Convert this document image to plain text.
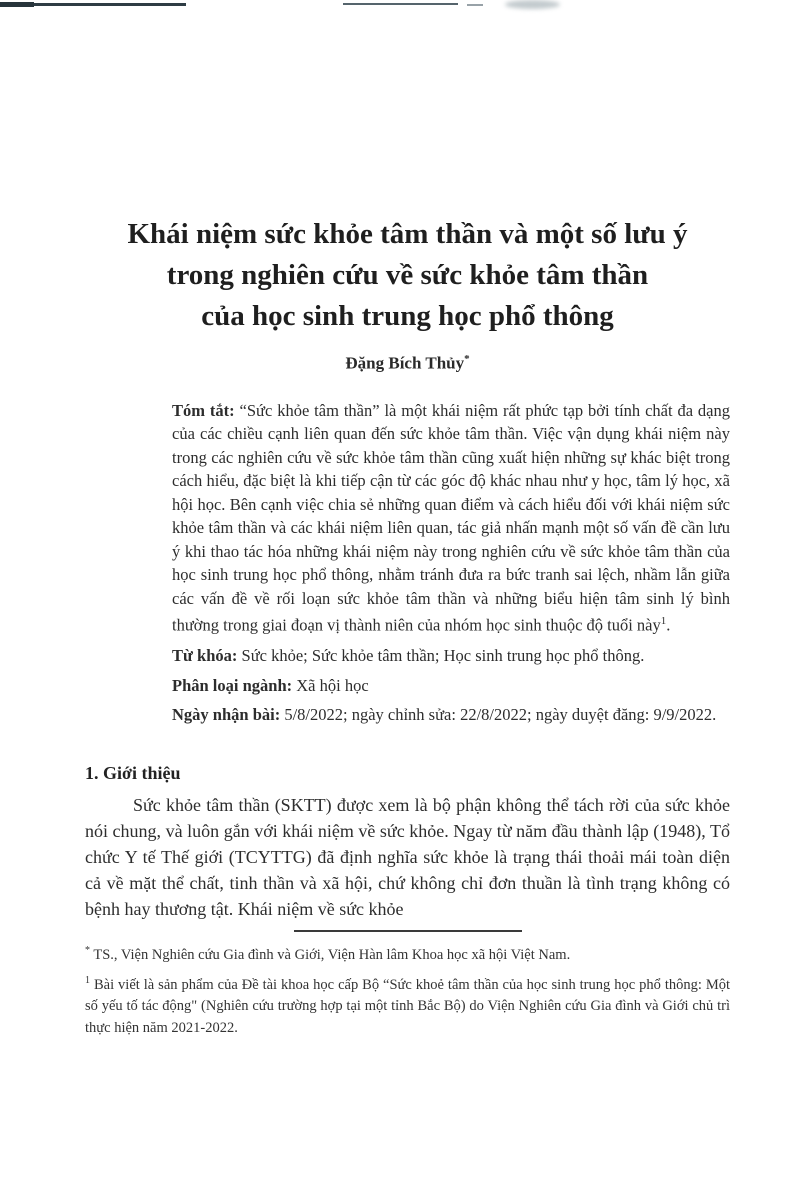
Khái niệm sức khỏe tâm thần và một số lưu ý
trong nghiên cứu về sức khỏe tâm thần
của học sinh trung học phổ thông
Đặng Bích Thủy*

Tóm tắt: “Sức khỏe tâm thần” là một khái niệm rất phức tạp bởi tính chất đa dạng của các chiều cạnh liên quan đến sức khỏe tâm thần. Việc vận dụng khái niệm này trong các nghiên cứu về sức khỏe tâm thần cũng xuất hiện những sự khác biệt trong cách hiểu, đặc biệt là khi tiếp cận từ các góc độ khác nhau như y học, tâm lý học, xã hội học. Bên cạnh việc chia sẻ những quan điểm và cách hiểu đối với khái niệm sức khỏe tâm thần và các khái niệm liên quan, tác giả nhấn mạnh một số vấn đề cần lưu ý khi thao tác hóa những khái niệm này trong nghiên cứu về sức khỏe tâm thần của học sinh trung học phổ thông, nhằm tránh đưa ra bức tranh sai lệch, nhầm lẫn giữa các vấn đề về rối loạn sức khỏe tâm thần và những biểu hiện tâm sinh lý bình thường trong giai đoạn vị thành niên của nhóm học sinh thuộc độ tuổi này$^1$.

Từ khóa: Sức khỏe; Sức khỏe tâm thần; Học sinh trung học phổ thông.

Phân loại ngành: Xã hội học

Ngày nhận bài: 5/8/2022; ngày chỉnh sửa: 22/8/2022; ngày duyệt đăng: 9/9/2022.

1. Giới thiệu

Sức khỏe tâm thần (SKTT) được xem là bộ phận không thể tách rời của sức khỏe nói chung, và luôn gắn với khái niệm về sức khỏe. Ngay từ năm đầu thành lập (1948), Tổ chức Y tế Thế giới (TCYTTG) đã định nghĩa sức khỏe là trạng thái thoải mái toàn diện cả về mặt thể chất, tinh thần và xã hội, chứ không chỉ đơn thuần là tình trạng không có bệnh hay thương tật. Khái niệm về sức khỏe

* TS., Viện Nghiên cứu Gia đình và Giới, Viện Hàn lâm Khoa học xã hội Việt Nam.

$^1$ Bài viết là sản phẩm của Đề tài khoa học cấp Bộ “Sức khoẻ tâm thần của học sinh trung học phổ thông: Một số yếu tố tác động" (Nghiên cứu trường hợp tại một tỉnh Bắc Bộ) do Viện Nghiên cứu Gia đình và Giới chủ trì thực hiện năm 2021-2022.
